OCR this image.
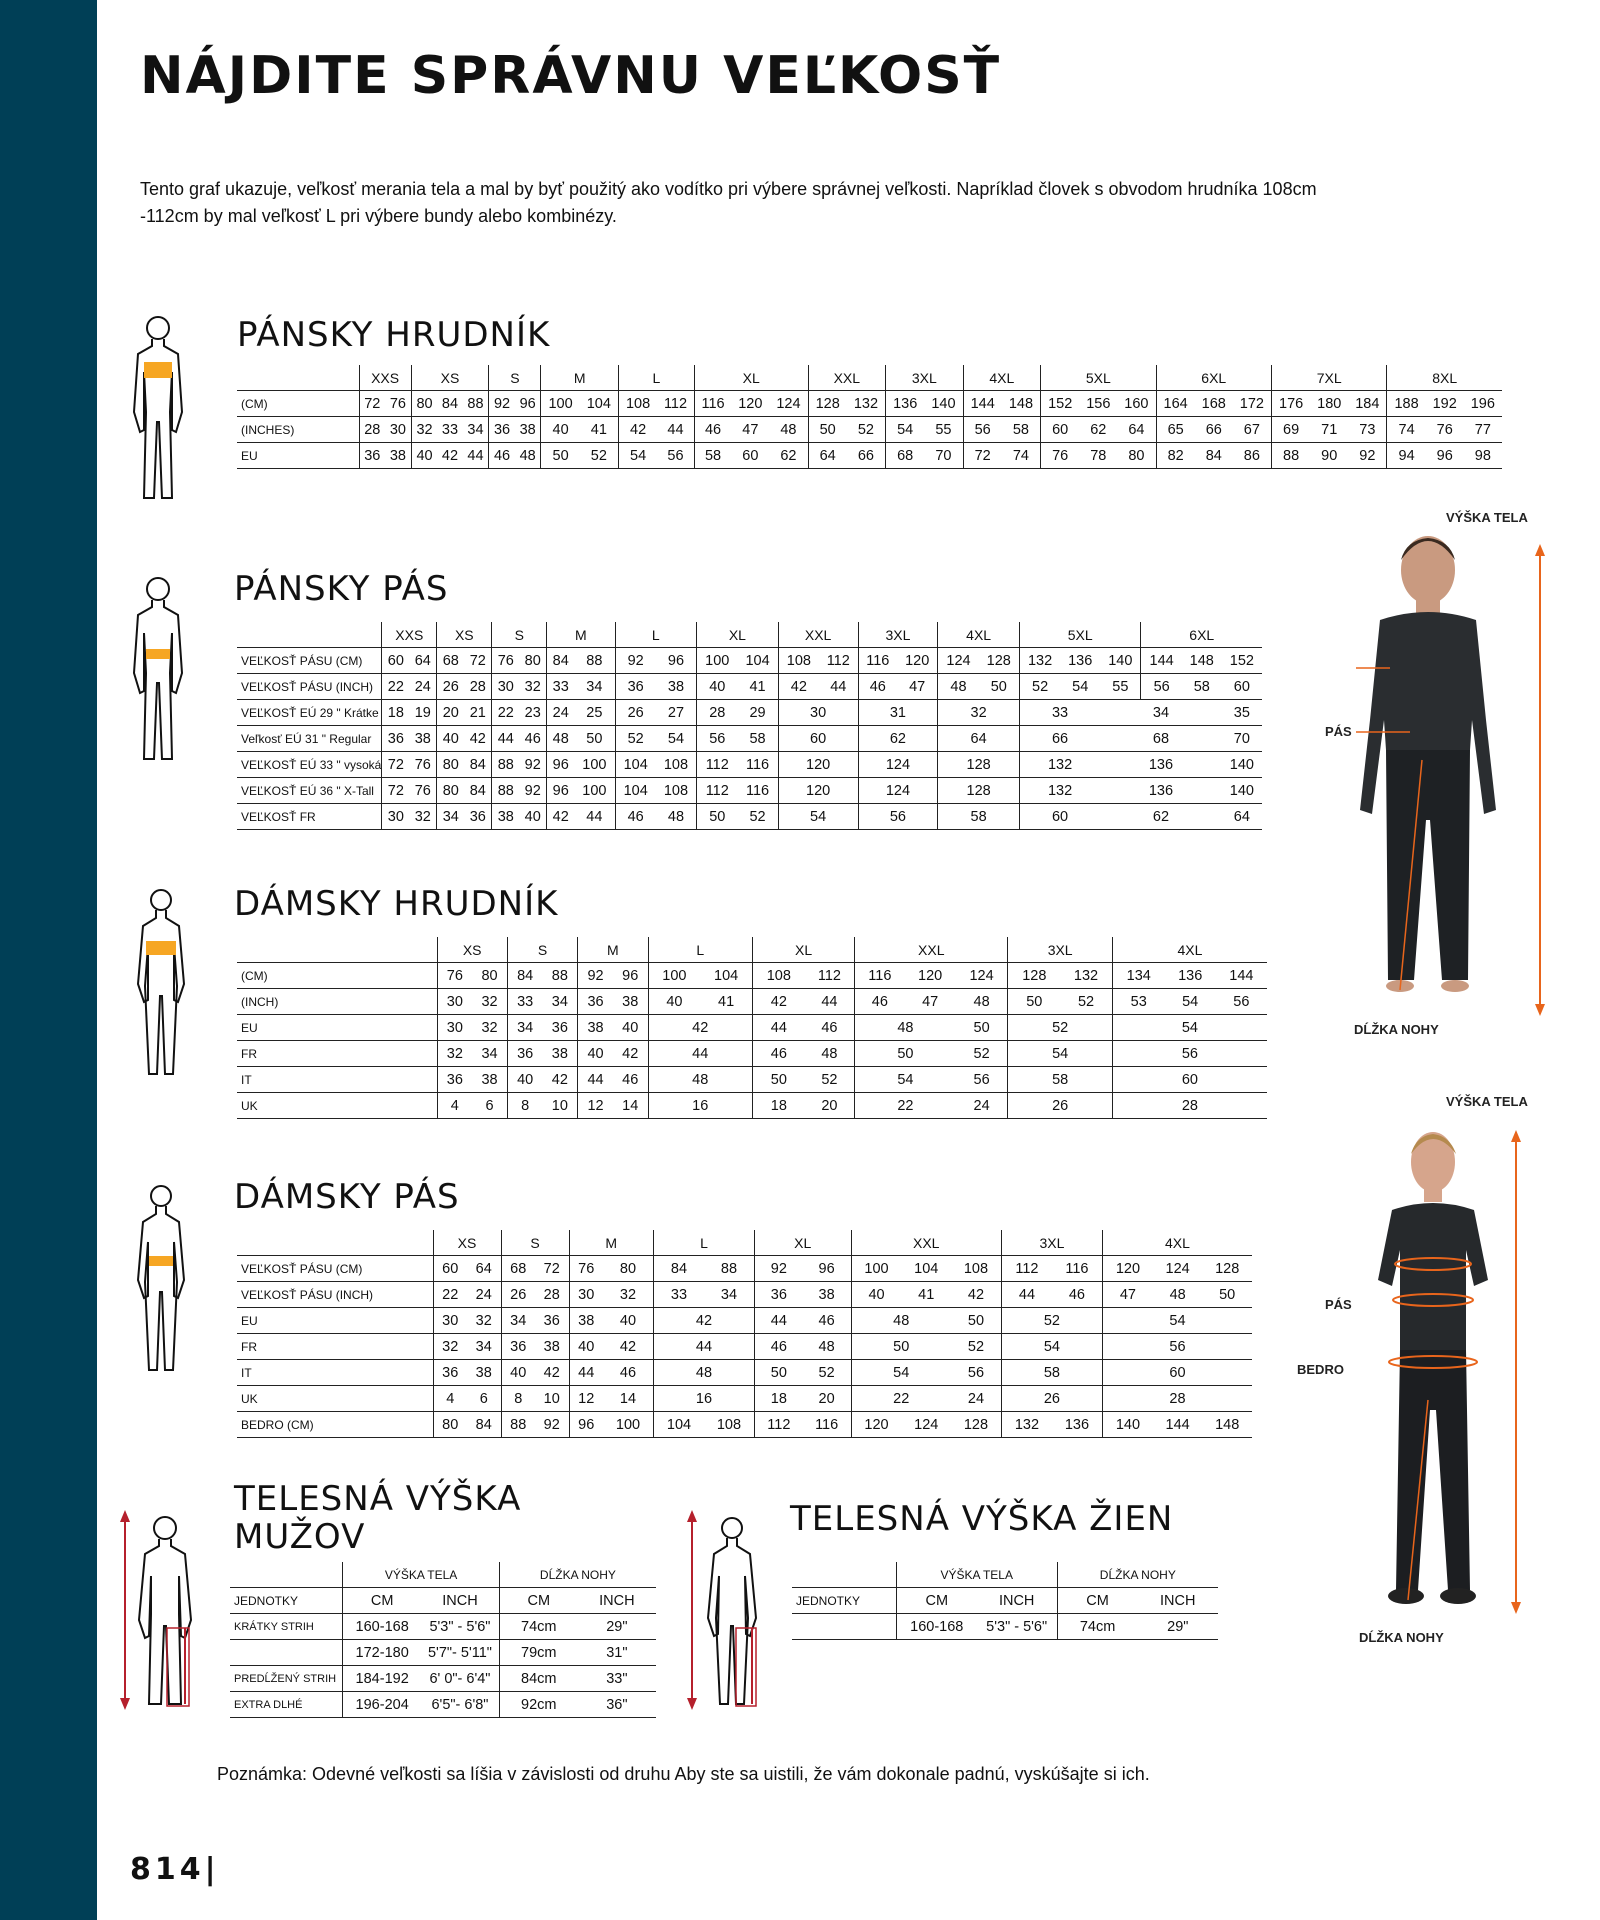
NÁJDITE SPRÁVNU VEĽKOSŤ
Tento graf ukazuje, veľkosť merania tela a mal by byť použitý ako vodítko pri výbere správnej veľkosti. Napríklad človek s obvodom hrudníka 108cm -112cm by mal veľkosť L pri výbere bundy alebo kombinézy.
PÁNSKY HRUDNÍK
	XXS		XS			S		M		L		XL			XXL		3XL		4XL		5XL			6XL			7XL			8XL		
(CM)	72	76	80	84	88	92	96	100	104	108	112	116	120	124	128	132	136	140	144	148	152	156	160	164	168	172	176	180	184	188	192	196
(INCHES)	28	30	32	33	34	36	38	40	41	42	44	46	47	48	50	52	54	55	56	58	60	62	64	65	66	67	69	71	73	74	76	77
EU	36	38	40	42	44	46	48	50	52	54	56	58	60	62	64	66	68	70	72	74	76	78	80	82	84	86	88	90	92	94	96	98
PÁNSKY PÁS
	XXS		XS		S		M		L		XL		XXL		3XL		4XL		5XL			6XL		
VEĽKOSŤ PÁSU (CM)	60	64	68	72	76	80	84	88	92	96	100	104	108	112	116	120	124	128	132	136	140	144	148	152
VEĽKOSŤ PÁSU (INCH)	22	24	26	28	30	32	33	34	36	38	40	41	42	44	46	47	48	50	52	54	55	56	58	60
VEĽKOSŤ EÚ 29 " Krátke	18	19	20	21	22	23	24	25	26	27	28	29	30		31		32		33		34			35
Veľkosť EÚ 31 " Regular	36	38	40	42	44	46	48	50	52	54	56	58	60		62		64		66		68			70
VEĽKOSŤ EÚ 33 " vysoká	72	76	80	84	88	92	96	100	104	108	112	116	120		124		128		132		136			140
VEĽKOSŤ EÚ 36 " X-Tall	72	76	80	84	88	92	96	100	104	108	112	116	120		124		128		132		136			140
VEĽKOSŤ FR	30	32	34	36	38	40	42	44	46	48	50	52	54		56		58		60		62			64
DÁMSKY HRUDNÍK
	XS		S		M		L		XL		XXL			3XL		4XL		
(CM)	76	80	84	88	92	96	100	104	108	112	116	120	124	128	132	134	136	144
(INCH)	30	32	33	34	36	38	40	41	42	44	46	47	48	50	52	53	54	56
EU	30	32	34	36	38	40	42		44	46	48		50	52		54		
FR	32	34	36	38	40	42	44		46	48	50		52	54		56		
IT	36	38	40	42	44	46	48		50	52	54		56	58		60		
UK	4	6	8	10	12	14	16		18	20	22		24	26		28		
DÁMSKY PÁS
	XS		S		M		L		XL		XXL			3XL		4XL		
VEĽKOSŤ PÁSU (CM)	60	64	68	72	76	80	84	88	92	96	100	104	108	112	116	120	124	128
VEĽKOSŤ PÁSU (INCH)	22	24	26	28	30	32	33	34	36	38	40	41	42	44	46	47	48	50
EU	30	32	34	36	38	40	42		44	46	48		50	52		54		
FR	32	34	36	38	40	42	44		46	48	50		52	54		56		
IT	36	38	40	42	44	46	48		50	52	54		56	58		60		
UK	4	6	8	10	12	14	16		18	20	22		24	26		28		
BEDRO (CM)	80	84	88	92	96	100	104	108	112	116	120	124	128	132	136	140	144	148
TELESNÁ VÝŠKA
MUŽOV
	VÝŠKA TELA		DĹŽKA NOHY	
JEDNOTKY	CM	INCH	CM	INCH
KRÁTKY STRIH	160-168	5'3" - 5'6"	74cm	29"
	172-180	5'7"- 5'11"	79cm	31"
PREDĹŽENÝ STRIH	184-192	6' 0"- 6'4"	84cm	33"
EXTRA DLHÉ	196-204	6'5"- 6'8"	92cm	36"
TELESNÁ VÝŠKA ŽIEN
	VÝŠKA TELA		DĹŽKA NOHY	
JEDNOTKY	CM	INCH	CM	INCH
	160-168	5'3" - 5'6"	74cm	29"
VÝŠKA TELA
PÁS
DĹŽKA NOHY
VÝŠKA TELA
PÁS
BEDRO
DĹŽKA NOHY
Poznámka: Odevné veľkosti sa líšia v závislosti od druhu Aby ste sa uistili, že vám dokonale padnú, vyskúšajte si ich.
814|
